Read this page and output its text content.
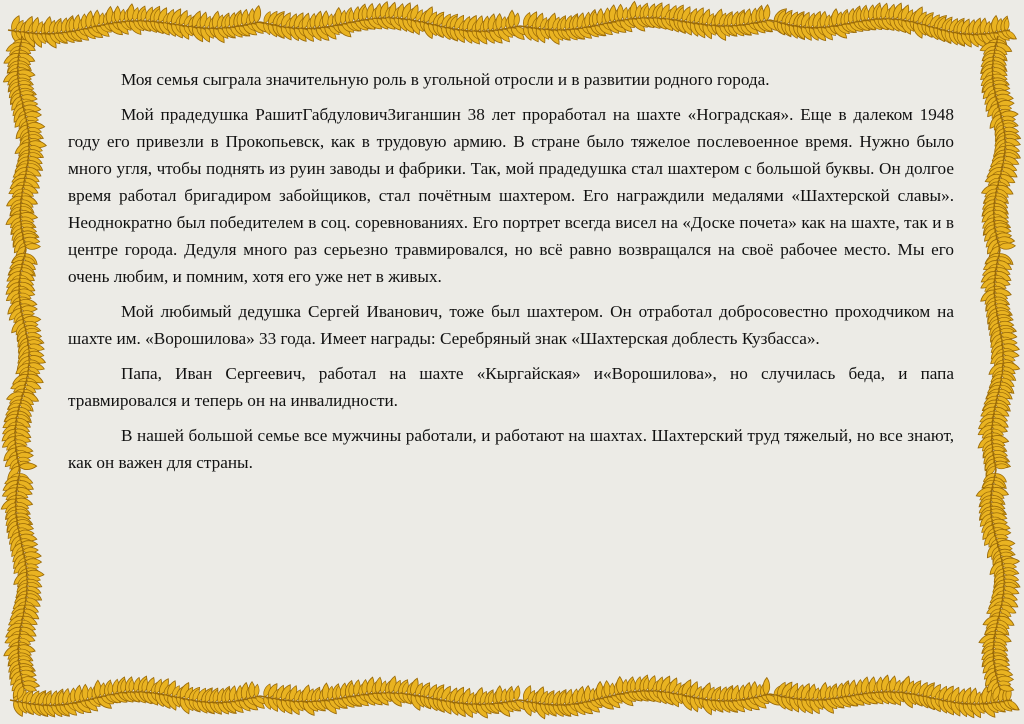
Моя семья сыграла значительную роль в угольной отросли и в развитии родного города.

Мой прадедушка РашитГабдуловичЗиганшин 38 лет проработал на шахте «Ноградская». Еще в далеком 1948 году его привезли в Прокопьевск, как в трудовую армию. В стране было тяжелое послевоенное время. Нужно было много угля, чтобы поднять из руин заводы и фабрики. Так, мой прадедушка стал шахтером с большой буквы. Он долгое время работал бригадиром забойщиков, стал почётным шахтером. Его награждили медалями «Шахтерской славы». Неоднократно был победителем в соц. соревнованиях. Его портрет всегда висел на «Доске почета» как на шахте, так и в центре города. Дедуля много раз серьезно травмировался, но всё равно возвращался на своё рабочее место. Мы его очень любим, и помним, хотя его уже нет в живых.

Мой любимый дедушка Сергей Иванович, тоже был шахтером. Он отработал добросовестно проходчиком на шахте им. «Ворошилова» 33 года. Имеет награды: Серебряный знак «Шахтерская доблесть Кузбасса».

Папа, Иван Сергеевич, работал на шахте «Кыргайская» и«Ворошилова», но случилась беда, и папа травмировался и теперь он на инвалидности.

В нашей большой семье все мужчины работали, и работают на шахтах. Шахтерский труд тяжелый, но все знают, как он важен для страны.
